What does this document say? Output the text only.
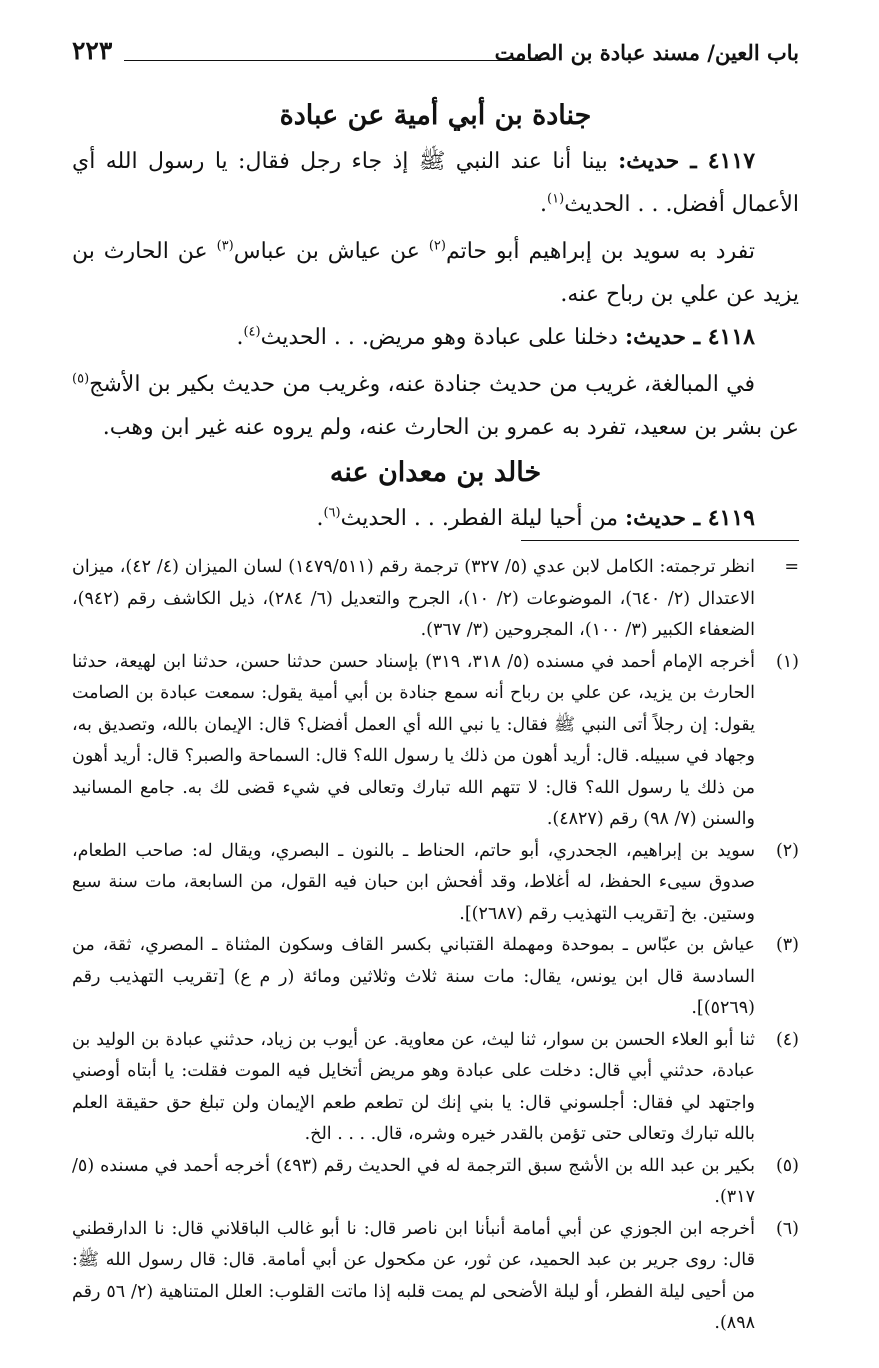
باب العين/ مسند عبادة بن الصامت
٢٢٣
جنادة بن أبي أمية عن عبادة

٤١١٧ ـ حديث: بينا أنا عند النبي ﷺ إذ جاء رجل فقال: يا رسول الله أي الأعمال أفضل. . . الحديث$^{(١)}$.

تفرد به سويد بن إبراهيم أبو حاتم$^{(٢)}$ عن عياش بن عباس$^{(٣)}$ عن الحارث بن يزيد عن علي بن رباح عنه.

٤١١٨ ـ حديث: دخلنا على عبادة وهو مريض. . . الحديث$^{(٤)}$.

في المبالغة، غريب من حديث جنادة عنه، وغريب من حديث بكير بن الأشج$^{(٥)}$ عن بشر بن سعيد، تفرد به عمرو بن الحارث عنه، ولم يروه عنه غير ابن وهب.

خالد بن معدان عنه

٤١١٩ ـ حديث: من أحيا ليلة الفطر. . . الحديث$^{(٦)}$.

=
انظر ترجمته: الكامل لابن عدي (٥/ ٣٢٧) ترجمة رقم (١٤٧٩/٥١١) لسان الميزان (٤/ ٤٢)، ميزان الاعتدال (٢/ ٦٤٠)، الموضوعات (٢/ ١٠)، الجرح والتعديل (٦/ ٢٨٤)، ذيل الكاشف رقم (٩٤٢)، الضعفاء الكبير (٣/ ١٠٠)، المجروحين (٣/ ٣٦٧).
(١)
أخرجه الإمام أحمد في مسنده (٥/ ٣١٨، ٣١٩) بإسناد حسن حدثنا حسن، حدثنا ابن لهيعة، حدثنا الحارث بن يزيد، عن علي بن رباح أنه سمع جنادة بن أبي أمية يقول: سمعت عبادة بن الصامت يقول: إن رجلاً أتى النبي ﷺ فقال: يا نبي الله أي العمل أفضل؟ قال: الإيمان بالله، وتصديق به، وجهاد في سبيله. قال: أريد أهون من ذلك يا رسول الله؟ قال: السماحة والصبر؟ قال: أريد أهون من ذلك يا رسول الله؟ قال: لا تتهم الله تبارك وتعالى في شيء قضى لك به. جامع المسانيد والسنن (٧/ ٩٨) رقم (٤٨٢٧).
(٢)
سويد بن إبراهيم، الجحدري، أبو حاتم، الحناط ـ بالنون ـ البصري، ويقال له: صاحب الطعام، صدوق سيىء الحفظ، له أغلاط، وقد أفحش ابن حبان فيه القول، من السابعة، مات سنة سبع وستين. بخ [تقريب التهذيب رقم (٢٦٨٧)].
(٣)
عياش بن عبّاس ـ بموحدة ومهملة القتباني بكسر القاف وسكون المثناة ـ المصري، ثقة، من السادسة قال ابن يونس، يقال: مات سنة ثلاث وثلاثين ومائة (ر م ع) [تقريب التهذيب رقم (٥٢٦٩)].
(٤)
ثنا أبو العلاء الحسن بن سوار، ثنا ليث، عن معاوية. عن أيوب بن زياد، حدثني عبادة بن الوليد بن عبادة، حدثني أبي قال: دخلت على عبادة وهو مريض أتخايل فيه الموت فقلت: يا أبتاه أوصني واجتهد لي فقال: أجلسوني قال: يا بني إنك لن تطعم طعم الإيمان ولن تبلغ حق حقيقة العلم بالله تبارك وتعالى حتى تؤمن بالقدر خيره وشره، قال. . . . الخ.
(٥)
بكير بن عبد الله بن الأشج سبق الترجمة له في الحديث رقم (٤٩٣) أخرجه أحمد في مسنده (٥/ ٣١٧).
(٦)
أخرجه ابن الجوزي عن أبي أمامة أنبأنا ابن ناصر قال: نا أبو غالب الباقلاني قال: نا الدارقطني قال: روى جرير بن عبد الحميد، عن ثور، عن مكحول عن أبي أمامة. قال: قال رسول الله ﷺ: من أحيى ليلة الفطر، أو ليلة الأضحى لم يمت قلبه إذا ماتت القلوب: العلل المتناهية (٢/ ٥٦ رقم ٨٩٨).
